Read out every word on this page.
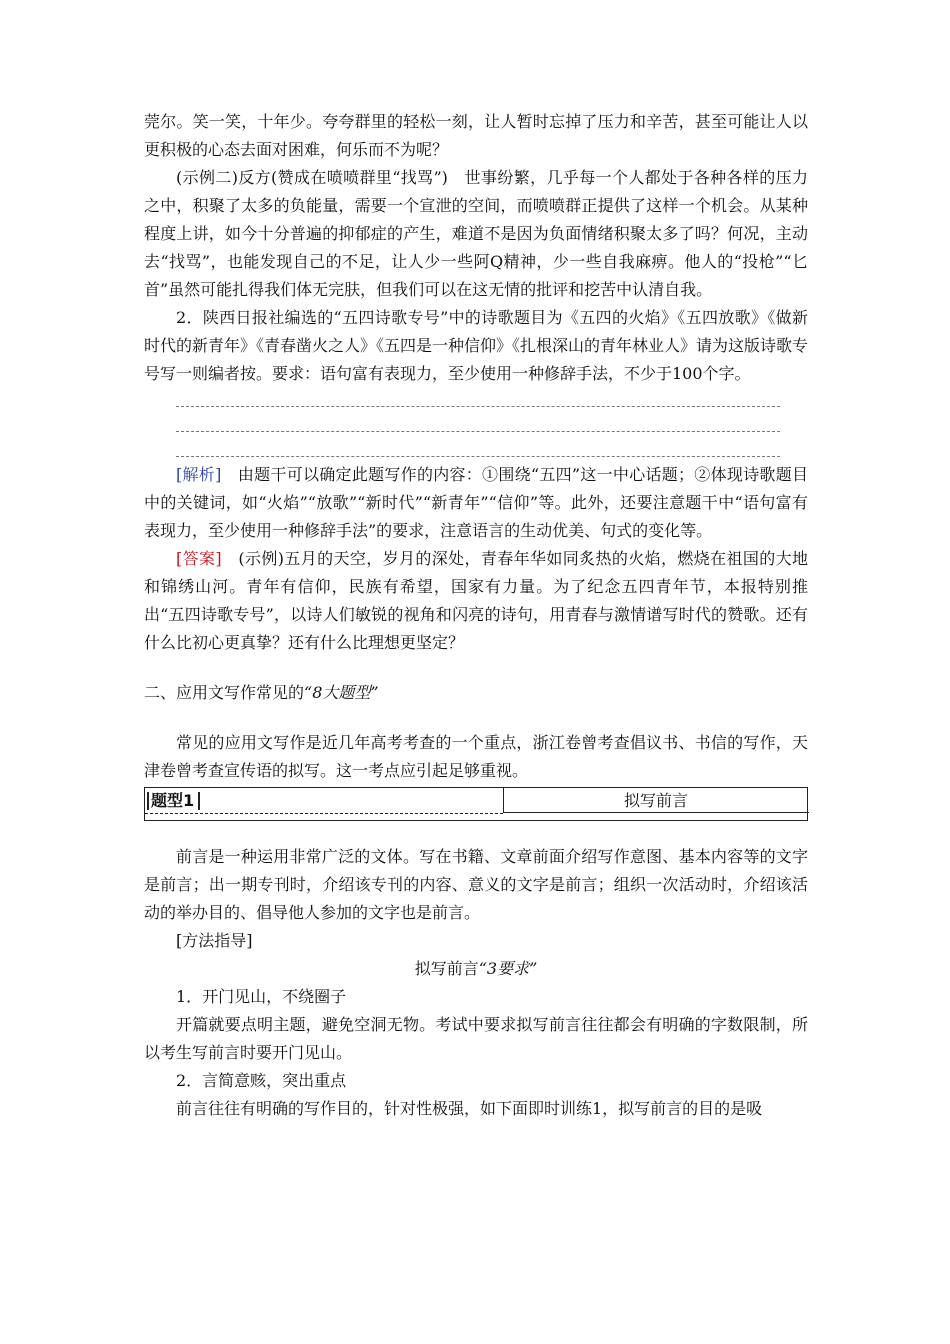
莞尔。笑一笑，十年少。夸夸群里的轻松一刻，让人暂时忘掉了压力和辛苦，甚至可能让人以更积极的心态去面对困难，何乐而不为呢？

(示例二)反方(赞成在喷喷群里“找骂”)　世事纷繁，几乎每一个人都处于各种各样的压力之中，积聚了太多的负能量，需要一个宣泄的空间，而喷喷群正提供了这样一个机会。从某种程度上讲，如今十分普遍的抑郁症的产生，难道不是因为负面情绪积聚太多了吗？何况，主动去“找骂”，也能发现自己的不足，让人少一些阿Q精神，少一些自我麻痹。他人的“投枪”“匕首”虽然可能扎得我们体无完肤，但我们可以在这无情的批评和挖苦中认清自我。

2．陕西日报社编选的“五四诗歌专号”中的诗歌题目为《五四的火焰》《五四放歌》《做新时代的新青年》《青春凿火之人》《五四是一种信仰》《扎根深山的青年林业人》请为这版诗歌专号写一则编者按。要求：语句富有表现力，至少使用一种修辞手法，不少于100个字。

[解析]　由题干可以确定此题写作的内容：①围绕“五四”这一中心话题；②体现诗歌题目中的关键词，如“火焰”“放歌”“新时代”“新青年”“信仰”等。此外，还要注意题干中“语句富有表现力，至少使用一种修辞手法”的要求，注意语言的生动优美、句式的变化等。

[答案]　(示例)五月的天空，岁月的深处，青春年华如同炙热的火焰，燃烧在祖国的大地和锦绣山河。青年有信仰，民族有希望，国家有力量。为了纪念五四青年节，本报特别推出“五四诗歌专号”，以诗人们敏锐的视角和闪亮的诗句，用青春与激情谱写时代的赞歌。还有什么比初心更真挚？还有什么比理想更坚定？

二、应用文写作常见的“8大题型”

常见的应用文写作是近几年高考考查的一个重点，浙江卷曾考查倡议书、书信的写作，天津卷曾考查宣传语的拟写。这一考点应引起足够重视。

题型1	拟写前言

前言是一种运用非常广泛的文体。写在书籍、文章前面介绍写作意图、基本内容等的文字是前言；出一期专刊时，介绍该专刊的内容、意义的文字是前言；组织一次活动时，介绍该活动的举办目的、倡导他人参加的文字也是前言。

[方法指导]

拟写前言“3要求”

1．开门见山，不绕圈子

开篇就要点明主题，避免空洞无物。考试中要求拟写前言往往都会有明确的字数限制，所以考生写前言时要开门见山。

2．言简意赅，突出重点

前言往往有明确的写作目的，针对性极强，如下面即时训练1，拟写前言的目的是吸
